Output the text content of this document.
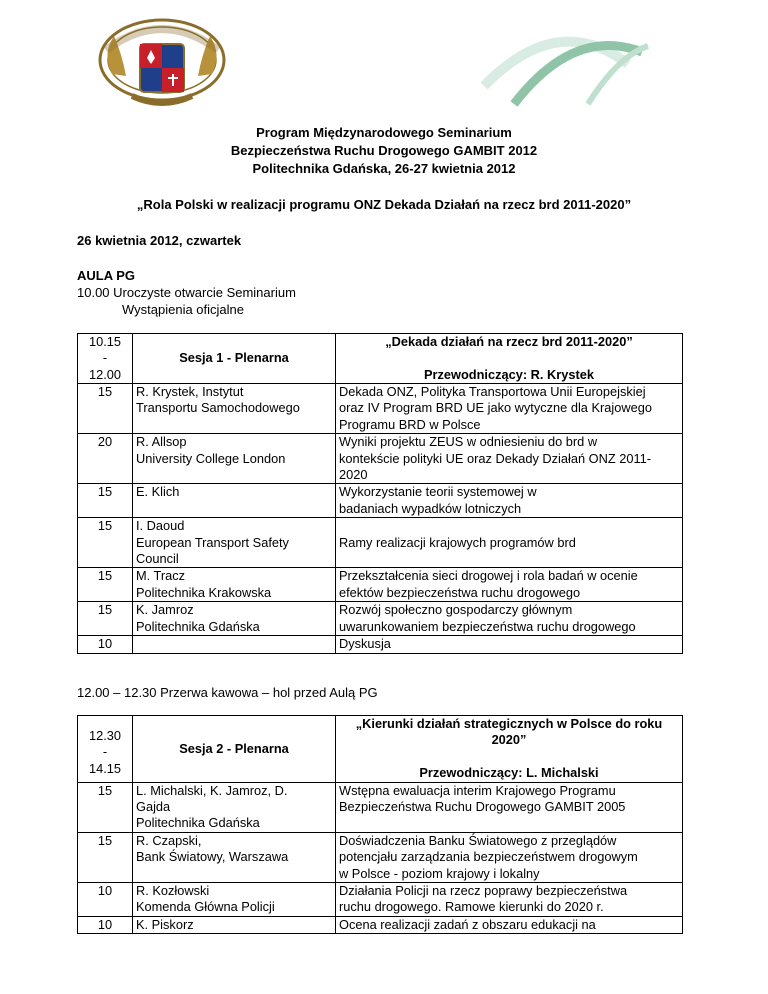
Program Międzynarodowego Seminarium
Bezpieczeństwa Ruchu Drogowego GAMBIT 2012
Politechnika Gdańska, 26-27 kwietnia 2012
„Rola Polski w realizacji programu ONZ Dekada Działań na rzecz brd 2011-2020”
26 kwietnia 2012, czwartek
AULA PG
10.00 Uroczyste otwarcie Seminarium
Wystąpienia oficjalne
10.15
-
12.00
	Sesja 1 - Plenarna	
„Dekada działań na rzecz brd 2011-2020”

Przewodniczący: R. Krystek
15	R. Krystek, Instytut
Transportu Samochodowego	Dekada ONZ, Polityka Transportowa Unii Europejskiej
oraz IV Program BRD UE jako wytyczne dla Krajowego
Programu BRD w Polsce

20	R. Allsop
University College London	Wyniki projektu ZEUS w odniesieniu do brd w
kontekście polityki UE oraz Dekady Działań ONZ 2011-
2020

15	E. Klich	Wykorzystanie teorii systemowej w
badaniach wypadków lotniczych

15	I. Daoud
European Transport Safety
Council	Ramy realizacji krajowych programów brd

15	M. Tracz
Politechnika Krakowska	Przekształcenia sieci drogowej i rola badań w ocenie
efektów bezpieczeństwa ruchu drogowego

15	K. Jamroz
Politechnika Gdańska	Rozwój społeczno gospodarczy głównym
uwarunkowaniem bezpieczeństwa ruchu drogowego

10		Dyskusja
12.00 – 12.30 Przerwa kawowa – hol przed Aulą PG
12.30
-
14.15	Sesja 2 - Plenarna	„Kierunki działań strategicznych w Polsce do roku
2020”

Przewodniczący: L. Michalski

15	L. Michalski, K. Jamroz, D.
Gajda
Politechnika Gdańska	Wstępna ewaluacja interim Krajowego Programu
Bezpieczeństwa Ruchu Drogowego GAMBIT 2005

15	R. Czapski,
Bank Światowy, Warszawa	Doświadczenia Banku Światowego z przeglądów
potencjału zarządzania bezpieczeństwem drogowym
w Polsce - poziom krajowy i lokalny

10	R. Kozłowski
Komenda Główna Policji	Działania Policji na rzecz poprawy bezpieczeństwa
ruchu drogowego. Ramowe kierunki do 2020 r.

10	K. Piskorz	Ocena realizacji zadań z obszaru edukacji na
